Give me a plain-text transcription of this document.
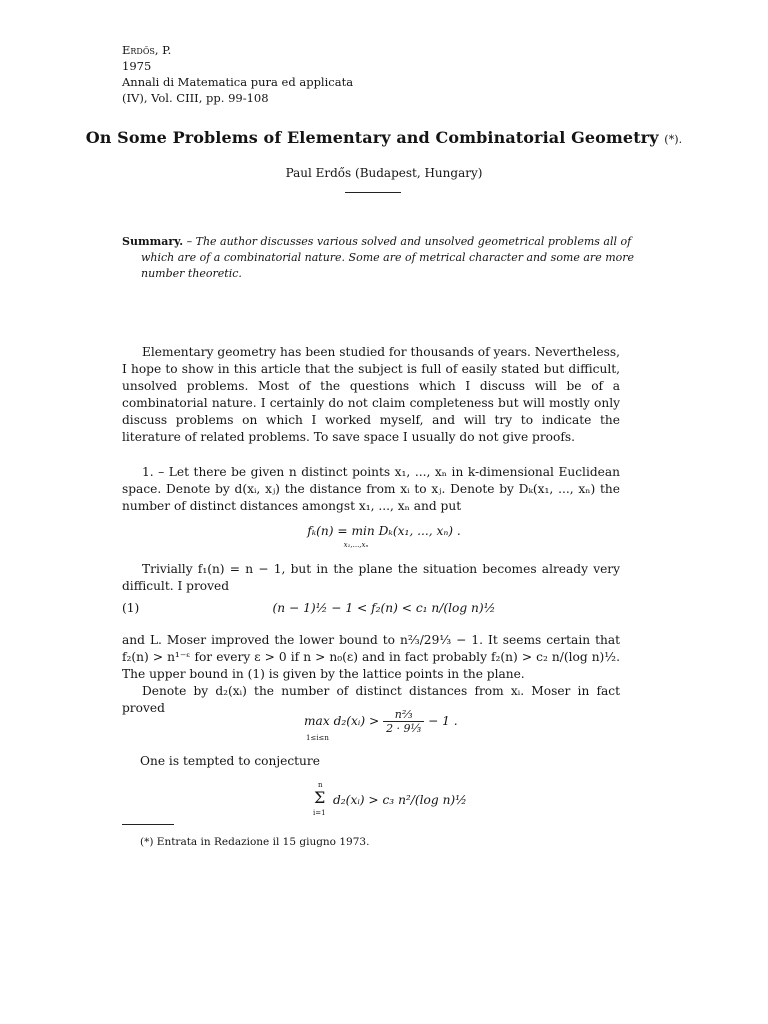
Erdős, P.
1975
Annali di Matematica pura ed applicata
(IV), Vol. CIII, pp. 99-108
On Some Problems of Elementary and Combinatorial Geometry (*).
Paul Erdős (Budapest, Hungary)
Summary. – The author discusses various solved and unsolved geometrical problems all of which are of a combinatorial nature. Some are of metrical character and some are more number theoretic.

Elementary geometry has been studied for thousands of years. Nevertheless, I hope to show in this article that the subject is full of easily stated but difficult, unsolved problems. Most of the questions which I discuss will be of a combinatorial nature. I certainly do not claim completeness but will mostly only discuss problems on which I worked myself, and will try to indicate the literature of related problems. To save space I usually do not give proofs.

1. – Let there be given n distinct points x₁, ..., xₙ in k-dimensional Euclidean space. Denote by d(xᵢ, xⱼ) the distance from xᵢ to xⱼ. Denote by Dₖ(x₁, ..., xₙ) the number of distinct distances amongst x₁, ..., xₙ and put

fₖ(n) = min Dₖ(x₁, ..., xₙ) .
x₁,...,xₙ

Trivially f₁(n) = n − 1, but in the plane the situation becomes already very difficult. I proved

(1)	(n − 1)½ − 1 < f₂(n) < c₁ n/(log n)½

and L. Moser improved the lower bound to n⅔/29⅓ − 1. It seems certain that f₂(n) > n¹⁻ᵋ for every ε > 0 if n > n₀(ε) and in fact probably f₂(n) > c₂ n/(log n)½. The upper bound in (1) is given by the lattice points in the plane.

Denote by d₂(xᵢ) the number of distinct distances from xᵢ. Moser in fact proved

max d₂(xᵢ) > $\frac{\text{n⅔}}{\text{2 · 9⅓}} - 1$ .
1≤i≤n

One is tempted to conjecture

n
Σ
i=1
d₂(xᵢ) > c₃ n²/(log n)½
(*) Entrata in Redazione il 15 giugno 1973.
